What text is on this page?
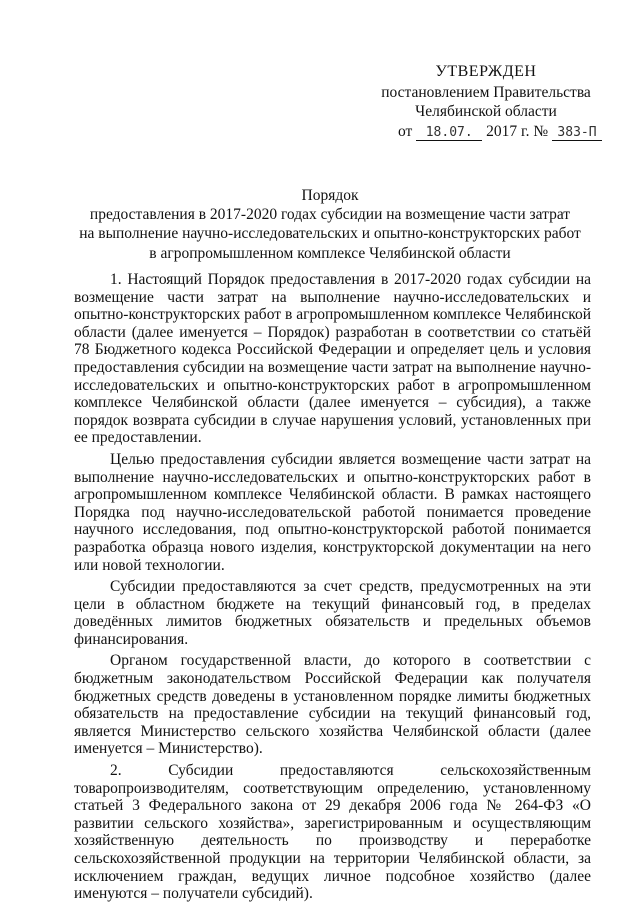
УТВЕРЖДЕН
постановлением Правительства
Челябинской области
от 18.07. 2017 г. № 383-П
Порядок
предоставления в 2017-2020 годах субсидии на возмещение части затрат
на выполнение научно-исследовательских и опытно-конструкторских работ
в агропромышленном комплексе Челябинской области

1. Настоящий Порядок предоставления в 2017-2020 годах субсидии на возмещение части затрат на выполнение научно-исследовательских и опытно-конструкторских работ в агропромышленном комплексе Челябинской области (далее именуется – Порядок) разработан в соответствии со статьёй 78 Бюджетного кодекса Российской Федерации и определяет цель и условия предоставления субсидии на возмещение части затрат на выполнение научно-исследовательских и опытно-конструкторских работ в агропромышленном комплексе Челябинской области (далее именуется – субсидия), а также порядок возврата субсидии в случае нарушения условий, установленных при ее предоставлении.

Целью предоставления субсидии является возмещение части затрат на выполнение научно-исследовательских и опытно-конструкторских работ в агропромышленном комплексе Челябинской области. В рамках настоящего Порядка под научно-исследовательской работой понимается проведение научного исследования, под опытно-конструкторской работой понимается разработка образца нового изделия, конструкторской документации на него или новой технологии.

Субсидии предоставляются за счет средств, предусмотренных на эти цели в областном бюджете на текущий финансовый год, в пределах доведённых лимитов бюджетных обязательств и предельных объемов финансирования.

Органом государственной власти, до которого в соответствии с бюджетным законодательством Российской Федерации как получателя бюджетных средств доведены в установленном порядке лимиты бюджетных обязательств на предоставление субсидии на текущий финансовый год, является Министерство сельского хозяйства Челябинской области (далее именуется – Министерство).

2. Субсидии предоставляются сельскохозяйственным товаропроизводителям, соответствующим определению, установленному статьей 3 Федерального закона от 29 декабря 2006 года № 264-ФЗ «О развитии сельского хозяйства», зарегистрированным и осуществляющим хозяйственную деятельность по производству и переработке сельскохозяйственной продукции на территории Челябинской области, за исключением граждан, ведущих личное подсобное хозяйство (далее именуются – получатели субсидий).
